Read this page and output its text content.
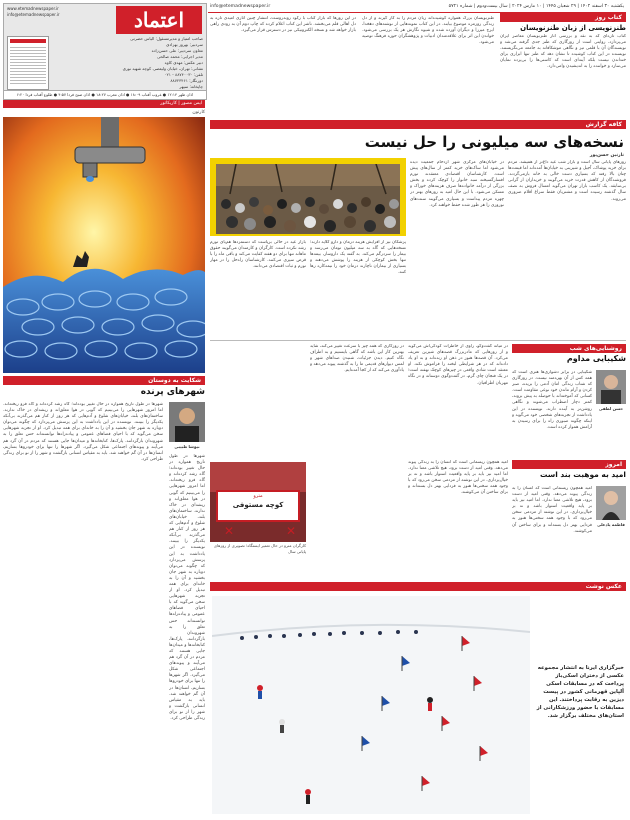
یکشنبه ۳۰ اسفند ۱۴۰۲ | ۲۹ شعبان ۱۴۴۵ | ۱۰ مارس ۲۰۲۴ | سال بیست‌ودوم | شماره ۵۷۲۱
info@etemadnewspaper.ir
اعتماد
www.etemadnewspaper.ir
info@etemadnewspaper.ir
صاحب امتیاز و مدیرمسئول: الیاس حضرتی
سردبیر: بهروز بهزادی
معاون سردبیر: علی حسن‌زاده
مدیر اجرایی: محمد صالحی
دبیر عکس: مهدی کاوه
نشانی: تهران، خیابان ولیعصر، کوچه شهید نوری
تلفن: ۸۸۷۴۰۰۳۰ - ۰۲۱
دورنگار: ۸۸۷۲۳۴۶۱
چاپخانه: سپهر
اذان ظهر ۱۲:۱۴ ● غروب آفتاب ۱۸:۰۹ ● اذان مغرب ۱۸:۲۷ ● اذان صبح فردا ۴:۵۷ ● طلوع آفتاب فردا ۶:۲۰
ایمن مصور | کاریکاتور
کارتون
کتاب روز
طنزنویسی از زبان طنزنویسان
کتاب تازه‌ای که به نقد و بررسی آثار طنزنویسان معاصر ایران می‌پردازد، روایتی است از روزگاری که طنز جدی گرفته می‌شد و نویسندگان آن با قلمی تیز و نگاهی موشکافانه به جامعه می‌نگریستند. نویسنده در این کتاب کوشیده تا نشان دهد که طنز تنها ابزاری برای خنداندن نیست بلکه آینه‌ای است که کاستی‌ها را بی‌پرده نمایان می‌سازد و خواننده را به اندیشیدن وامی‌دارد.
طنزنویسان بزرگ همواره کوشیده‌اند زبان مردم را به کار گیرند و از دل زندگی روزمره موضوع بیابند. در این کتاب نمونه‌هایی از نوشته‌های دهخدا، ایرج میرزا و دیگران آورده شده و شیوه نگارش هر یک بررسی می‌شود. خواندن این اثر برای علاقه‌مندان ادبیات و پژوهشگران حوزه فرهنگ توصیه می‌شود.
در این روزها که بازار کتاب با رکود روبه‌روست، انتشار چنین آثاری امیدی تازه به دل اهالی قلم می‌بخشد. ناشر این کتاب اعلام کرده که چاپ دوم آن به زودی راهی بازار خواهد شد و نسخه الکترونیکی نیز در دسترس قرار می‌گیرد.
کافه گزارش
نسخه‌های سه میلیونی را حل نیست
نازنین حسن‌پور
روزهای پایانی سال است و بازار شب عید داغ‌تر از همیشه. مردم برای خرید پوشاک، آجیل و شیرینی به خیابان‌ها آمده‌اند اما قیمت‌ها چنان بالا رفته که بسیاری دست خالی به خانه بازمی‌گردند. فروشندگان از کاهش قدرت خرید می‌گویند و خریداران از گرانی بی‌سابقه. یک کاسب بازار تهران می‌گوید امسال فروش به نصف سال گذشته رسیده است و مشتریان فقط سراغ اقلام ضروری می‌روند.
در خیابان‌های مرکزی شهر ازدحام جمعیت دیده می‌شود اما ساک‌های خرید کمتر از سال‌های پیش است. کارشناسان اقتصادی معتقدند تورم افسارگسیخته سبد خانوار را کوچک کرده و بخش بزرگی از درآمد خانواده‌ها صرف هزینه‌های خوراک و مسکن می‌شود. با این حال امید به روزهای بهتر در چهره مردم پیداست و بسیاری می‌گویند سنت‌های نوروزی را هر طور شده حفظ خواهند کرد.
پزشکان نیز از افزایش هزینه درمان و دارو گلایه دارند؛ نسخه‌هایی که گاه به سه میلیون تومان می‌رسد و بیمار را سردرگم می‌کند. به گفته یک داروساز، بیمه‌ها تنها بخش کوچکی از هزینه را پوشش می‌دهند و بسیاری از بیماران ناچارند درمان خود را نیمه‌کاره رها کنند.
بازار عید در حالی برپاست که دستمزدها هم‌پای تورم رشد نکرده است. کارگران و کارمندان می‌گویند حقوق ماهانه تنها برای دو هفته کفایت می‌کند و باقی ماه را با قرض سپری می‌کنند. کارشناسان راه‌حل را در مهار تورم و ثبات اقتصادی می‌دانند.
روشنایی‌های شب
شکیبایی مداوم
حسن لطفی
شکیبایی در برابر دشواری‌ها هنری است که همه کس از آن بهره‌مند نیست. در روزگاری که شتاب زندگی امان آدمی را بریده، صبر کردن و آرام ماندن خود نوعی مقاومت است. کسانی که آموخته‌اند با حوصله به پیش بروند، کمتر دچار اضطراب می‌شوند و نگاهی روشن‌تر به آینده دارند. نویسنده در این یادداشت از تجربه‌های شخصی خود می‌گوید و اینکه چگونه صبوری راه را برای رسیدن به آرامش هموار کرده است.
در میانه گفت‌وگو، راوی از خاطرات کودکی‌اش می‌گوید و از روزهایی که مادربزرگ قصه‌های شیرین تعریف می‌کرد. آن قصه‌ها هنوز در ذهن او زنده‌اند و به او یاد داده‌اند که در هر شرایطی لبخند را فراموش نکند. او معتقد است شادی واقعی در چیزهای کوچک نهفته است؛ در یک فنجان چای گرم، در گفت‌وگوی دوستانه و در نگاه مهربان اطرافیان.
در روزگاری که همه چیز با سرعت تغییر می‌کند، شاید بهترین کار این باشد که گاهی بایستیم و به اطراف نگاه کنیم. دیدن جزئیات، شنیدن صداهای شهر و لمس دیوارهای قدیمی ما را به گذشته پیوند می‌دهد و یادآوری می‌کند که از کجا آمده‌ایم.
امروز
امید به موهبت بند است
فاطمه یادعلی
امید همچون ریسمانی است که انسان را به زندگی پیوند می‌دهد. وقتی امید از دست برود، هیچ تلاشی معنا ندارد. اما امید نیز باید بر پایه واقعیت استوار باشد و نه بر خیال‌پردازی. در این نوشته از مردمی سخن می‌رود که با وجود همه سختی‌ها هنوز به فردایی بهتر دل بسته‌اند و برای ساختن آن می‌کوشند.
امید همچون ریسمانی است که انسان را به زندگی پیوند می‌دهد. وقتی امید از دست برود، هیچ تلاشی معنا ندارد. اما امید نیز باید بر پایه واقعیت استوار باشد و نه بر خیال‌پردازی. در این نوشته از مردمی سخن می‌رود که با وجود همه سختی‌ها هنوز به فردایی بهتر دل بسته‌اند و برای ساختن آن می‌کوشند.
مترو
کوچه مستوفی
✕	✕
کارگران مترو در حال تعمیر ایستگاه؛ تصویری از روزهای پایانی سال
شکایت به دوستان
شهرهای پرنده
نیوشا طبیبی
شهرها در طول تاریخ همواره در حال تغییر بوده‌اند؛ گاه رشد کرده‌اند و گاه فرو ریخته‌اند. اما امروز شهرهایی را می‌بینیم که گویی در هوا معلق‌اند و ریشه‌ای در خاک ندارند. ساختمان‌های بلند، خیابان‌های شلوغ و آدم‌هایی که هر روز از کنار هم می‌گذرند بی‌آنکه یکدیگر را ببینند. نویسنده در این یادداشت به این پرسش می‌پردازد که چگونه می‌توان دوباره به شهر جان بخشید و آن را به خانه‌ای برای همه تبدیل کرد. او از تجربه شهرهایی سخن می‌گوید که با احیای فضاهای عمومی و پیاده‌راه‌ها توانسته‌اند حس تعلق را به شهروندان بازگردانند. پارک‌ها، کتابخانه‌ها و میدان‌ها جایی هستند که مردم در آن گرد هم می‌آیند و پیوندهای اجتماعی شکل می‌گیرد. اگر شهرها را تنها برای خودروها بسازیم، انسان‌ها در آن گم خواهند شد. باید به مقیاس انسانی بازگشت و شهر را از نو برای زندگی طراحی کرد.
شهرها در طول تاریخ همواره در حال تغییر بوده‌اند؛ گاه رشد کرده‌اند و گاه فرو ریخته‌اند. اما امروز شهرهایی را می‌بینیم که گویی در هوا معلق‌اند و ریشه‌ای در خاک ندارند. ساختمان‌های بلند، خیابان‌های شلوغ و آدم‌هایی که هر روز از کنار هم می‌گذرند بی‌آنکه یکدیگر را ببینند. نویسنده در این یادداشت به این پرسش می‌پردازد که چگونه می‌توان دوباره به شهر جان بخشید و آن را به خانه‌ای برای همه تبدیل کرد. او از تجربه شهرهایی سخن می‌گوید که با احیای فضاهای عمومی و پیاده‌راه‌ها توانسته‌اند حس تعلق را به شهروندان بازگردانند. پارک‌ها، کتابخانه‌ها و میدان‌ها جایی هستند که مردم در آن گرد هم می‌آیند و پیوندهای اجتماعی شکل می‌گیرد. اگر شهرها را تنها برای خودروها بسازیم، انسان‌ها در آن گم خواهند شد. باید به مقیاس انسانی بازگشت و شهر را از نو برای زندگی طراحی کرد.
عکس نوشت
خبرگزاری ایرنا به انتشار مجموعه عکسی از دختران اسکی‌باز پرداخت که در مسابقات اسکی آلپاین قهرمانی کشور در پیست دیزین به رقابت پرداختند. این مسابقات با حضور ورزشکارانی از استان‌های مختلف برگزار شد.
